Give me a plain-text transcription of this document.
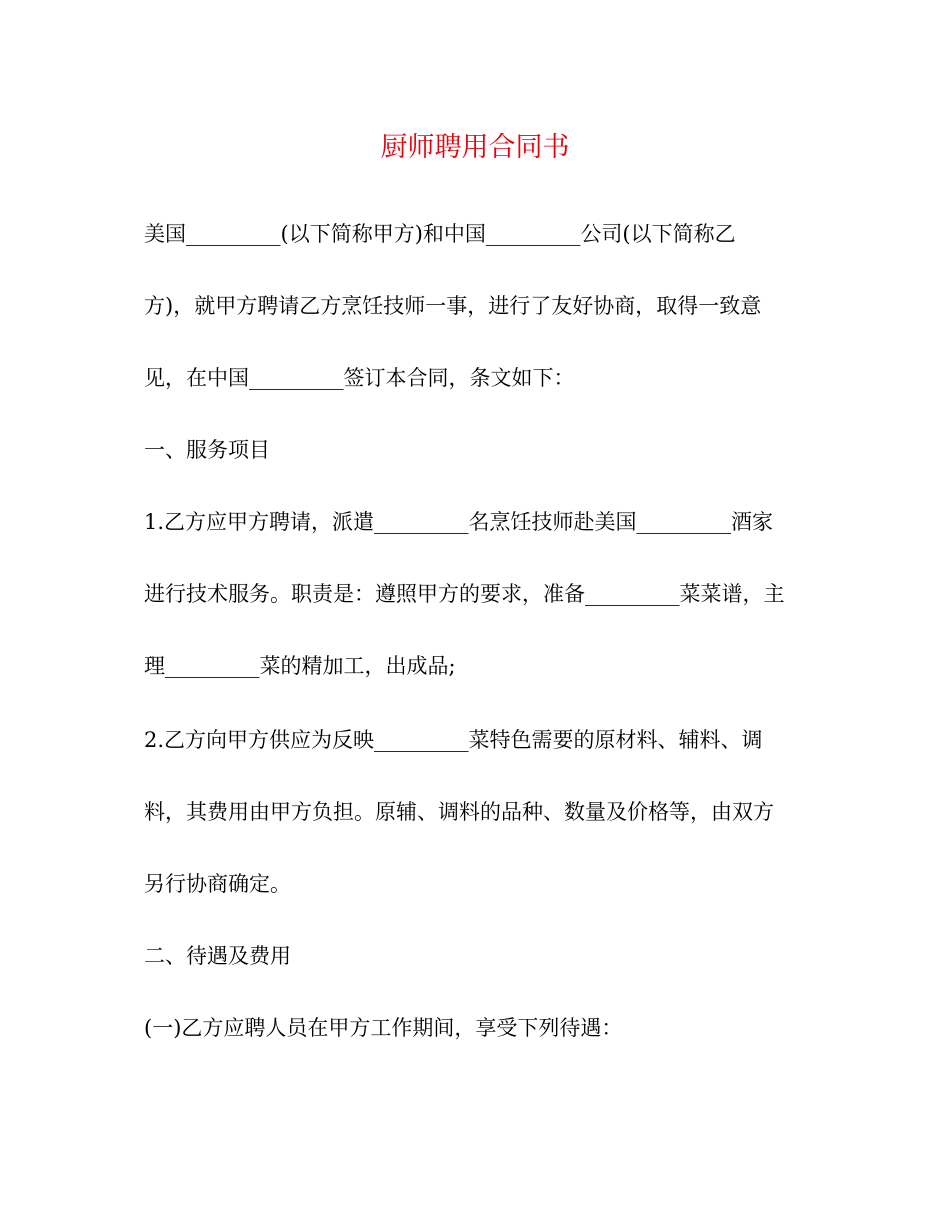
厨师聘用合同书
美国_________(以下简称甲方)和中国_________公司(以下简称乙
方)，就甲方聘请乙方烹饪技师一事，进行了友好协商，取得一致意
见，在中国_________签订本合同，条文如下：
一、服务项目
1.乙方应甲方聘请，派遣_________名烹饪技师赴美国_________酒家
进行技术服务。职责是：遵照甲方的要求，准备_________菜菜谱，主
理_________菜的精加工，出成品;
2.乙方向甲方供应为反映_________菜特色需要的原材料、辅料、调
料，其费用由甲方负担。原辅、调料的品种、数量及价格等，由双方
另行协商确定。
二、待遇及费用
(一)乙方应聘人员在甲方工作期间，享受下列待遇：
